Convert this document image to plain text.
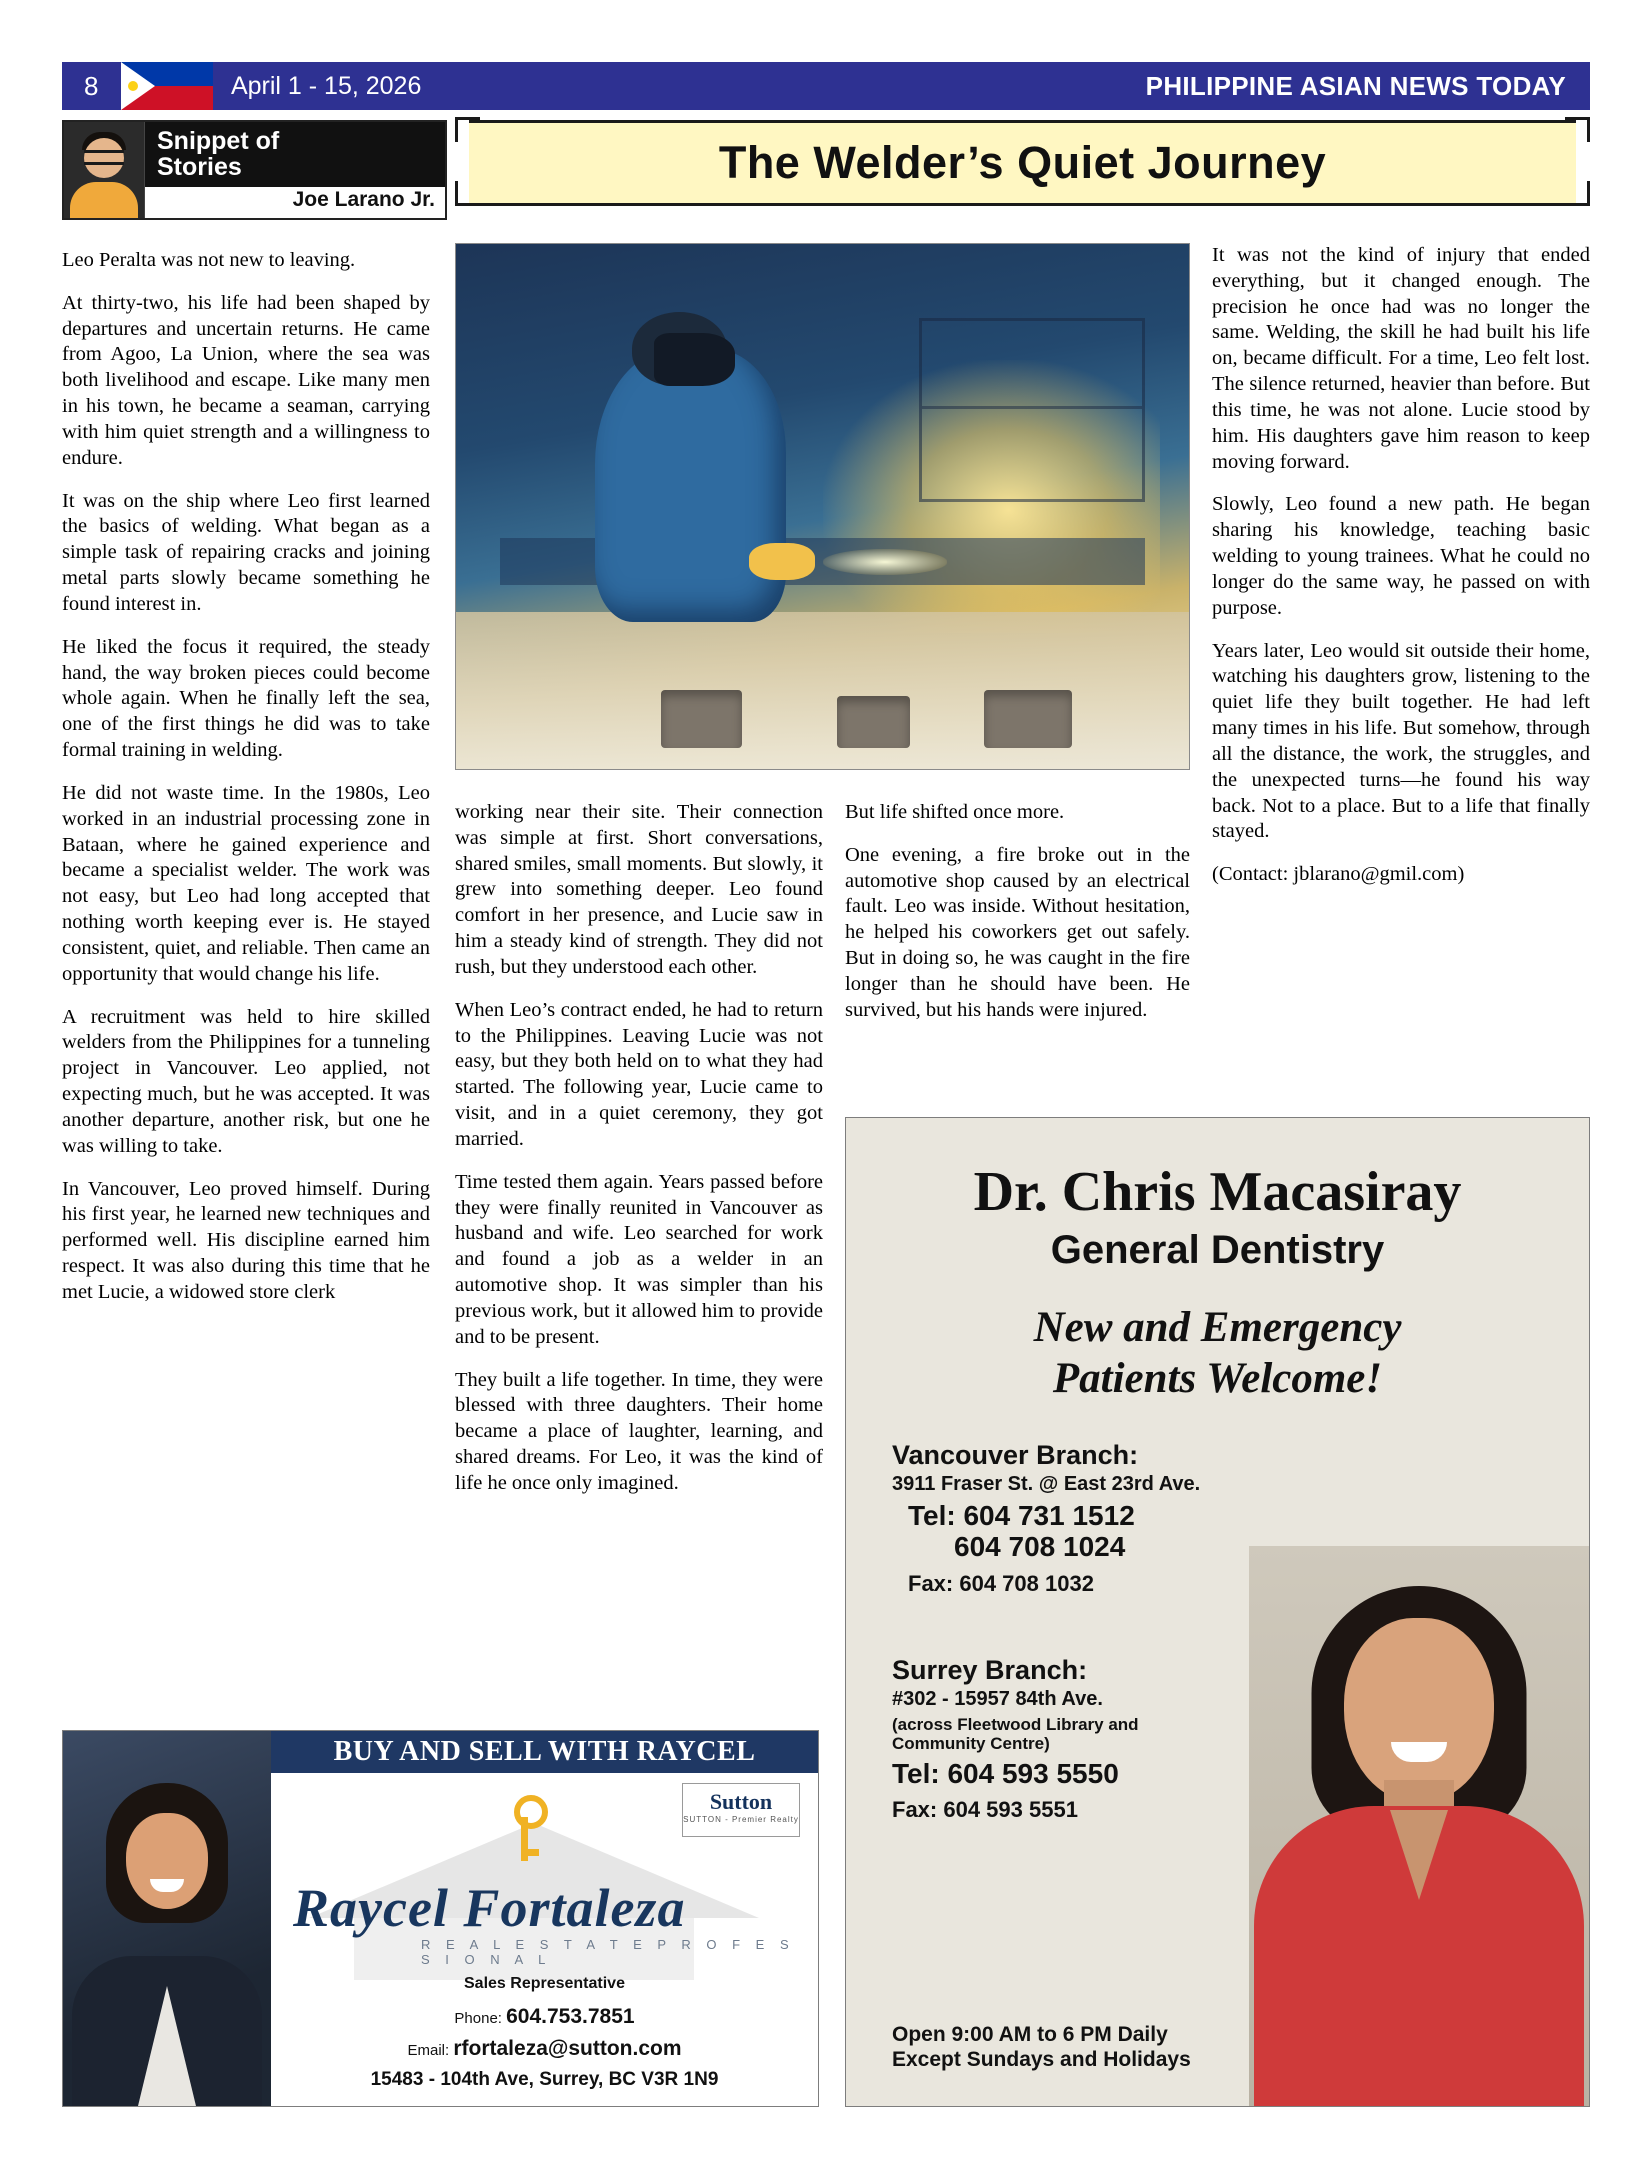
8	April 1 - 15, 2026	PHILIPPINE ASIAN NEWS TODAY
Snippet of
Stories
Joe Larano Jr.
The Welder’s Quiet Journey

Leo Peralta was not new to leaving.

At thirty-two, his life had been shaped by departures and uncertain returns. He came from Agoo, La Union, where the sea was both livelihood and escape. Like many men in his town, he became a seaman, carrying with him quiet strength and a willingness to endure.

It was on the ship where Leo first learned the basics of welding. What began as a simple task of repairing cracks and joining metal parts slowly became something he found interest in.

He liked the focus it required, the steady hand, the way broken pieces could become whole again. When he finally left the sea, one of the first things he did was to take formal training in welding.

He did not waste time. In the 1980s, Leo worked in an industrial processing zone in Bataan, where he gained experience and became a specialist welder. The work was not easy, but Leo had long accepted that nothing worth keeping ever is. He stayed consistent, quiet, and reliable. Then came an opportunity that would change his life.

A recruitment was held to hire skilled welders from the Philippines for a tunneling project in Vancouver. Leo applied, not expecting much, but he was accepted. It was another departure, another risk, but one he was willing to take.

In Vancouver, Leo proved himself. During his first year, he learned new techniques and performed well. His discipline earned him respect. It was also during this time that he met Lucie, a widowed store clerk

working near their site. Their connection was simple at first. Short conversations, shared smiles, small moments. But slowly, it grew into something deeper. Leo found comfort in her presence, and Lucie saw in him a steady kind of strength. They did not rush, but they understood each other.

When Leo’s contract ended, he had to return to the Philippines. Leaving Lucie was not easy, but they both held on to what they had started. The following year, Lucie came to visit, and in a quiet ceremony, they got married.

Time tested them again. Years passed before they were finally reunited in Vancouver as husband and wife. Leo searched for work and found a job as a welder in an automotive shop. It was simpler than his previous work, but it allowed him to provide and to be present.

They built a life together. In time, they were blessed with three daughters. Their home became a place of laughter, learning, and shared dreams. For Leo, it was the kind of life he once only imagined.

But life shifted once more.

One evening, a fire broke out in the automotive shop caused by an electrical fault. Leo was inside. Without hesitation, he helped his coworkers get out safely. But in doing so, he was caught in the fire longer than he should have been. He survived, but his hands were injured.

It was not the kind of injury that ended everything, but it changed enough. The precision he once had was no longer the same. Welding, the skill he had built his life on, became difficult. For a time, Leo felt lost. The silence returned, heavier than before. But this time, he was not alone. Lucie stood by him. His daughters gave him reason to keep moving forward.

Slowly, Leo found a new path. He began sharing his knowledge, teaching basic welding to young trainees. What he could no longer do the same way, he passed on with purpose.

Years later, Leo would sit outside their home, watching his daughters grow, listening to the quiet life they built together. He had left many times in his life. But somehow, through all the distance, the work, the struggles, and the unexpected turns—he found his way back. Not to a place. But to a life that finally stayed.

(Contact: jblarano@gmil.com)

BUY AND SELL WITH RAYCEL
Sutton
SUTTON - Premier Realty
Raycel Fortaleza
R E A L E S T A T E P R O F E S S I O N A L
Sales Representative
Phone: 604.753.7851
Email: rfortaleza@sutton.com
15483 - 104th Ave, Surrey, BC V3R 1N9
Dr. Chris Macasiray
General Dentistry
New and Emergency
Patients Welcome!
Vancouver Branch:
3911 Fraser St. @ East 23rd Ave.
Tel: 604 731 1512
604 708 1024
Fax: 604 708 1032
Surrey Branch:
#302 - 15957 84th Ave.
(across Fleetwood Library and Community Centre)
Tel: 604 593 5550
Fax: 604 593 5551
Open 9:00 AM to 6 PM Daily
Except Sundays and Holidays
